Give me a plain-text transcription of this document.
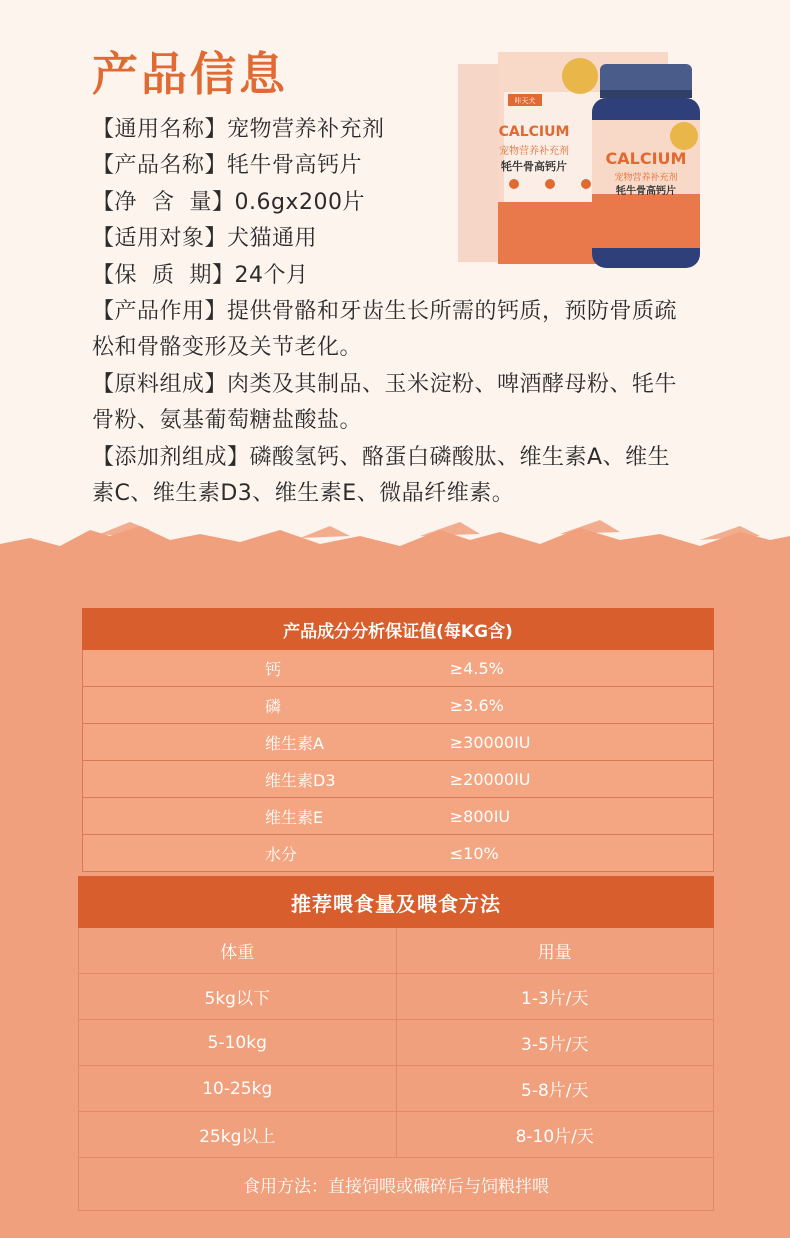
产品信息
【通用名称】宠物营养补充剂
【产品名称】牦牛骨高钙片
【净  含  量】0.6gx200片
【适用对象】犬猫通用
【保  质  期】24个月
【产品作用】提供骨骼和牙齿生长所需的钙质，预防骨质疏松和骨骼变形及关节老化。
【原料组成】肉类及其制品、玉米淀粉、啤酒酵母粉、牦牛骨粉、氨基葡萄糖盐酸盐。
【添加剂组成】磷酸氢钙、酪蛋白磷酸肽、维生素A、维生素C、维生素D3、维生素E、微晶纤维素。
咔天犬
CALCIUM
宠物营养补充剂
牦牛骨高钙片 CALCIUM
宠物营养补充剂
牦牛骨高钙片
产品成分分析保证值(每KG含)
钙	≥4.5%
磷	≥3.6%
维生素A	≥30000IU
维生素D3	≥20000IU
维生素E	≥800IU
水分	≤10%
推荐喂食量及喂食方法
体重	用量
5kg以下	1-3片/天
5-10kg	3-5片/天
10-25kg	5-8片/天
25kg以上	8-10片/天
食用方法：直接饲喂或碾碎后与饲粮拌喂
